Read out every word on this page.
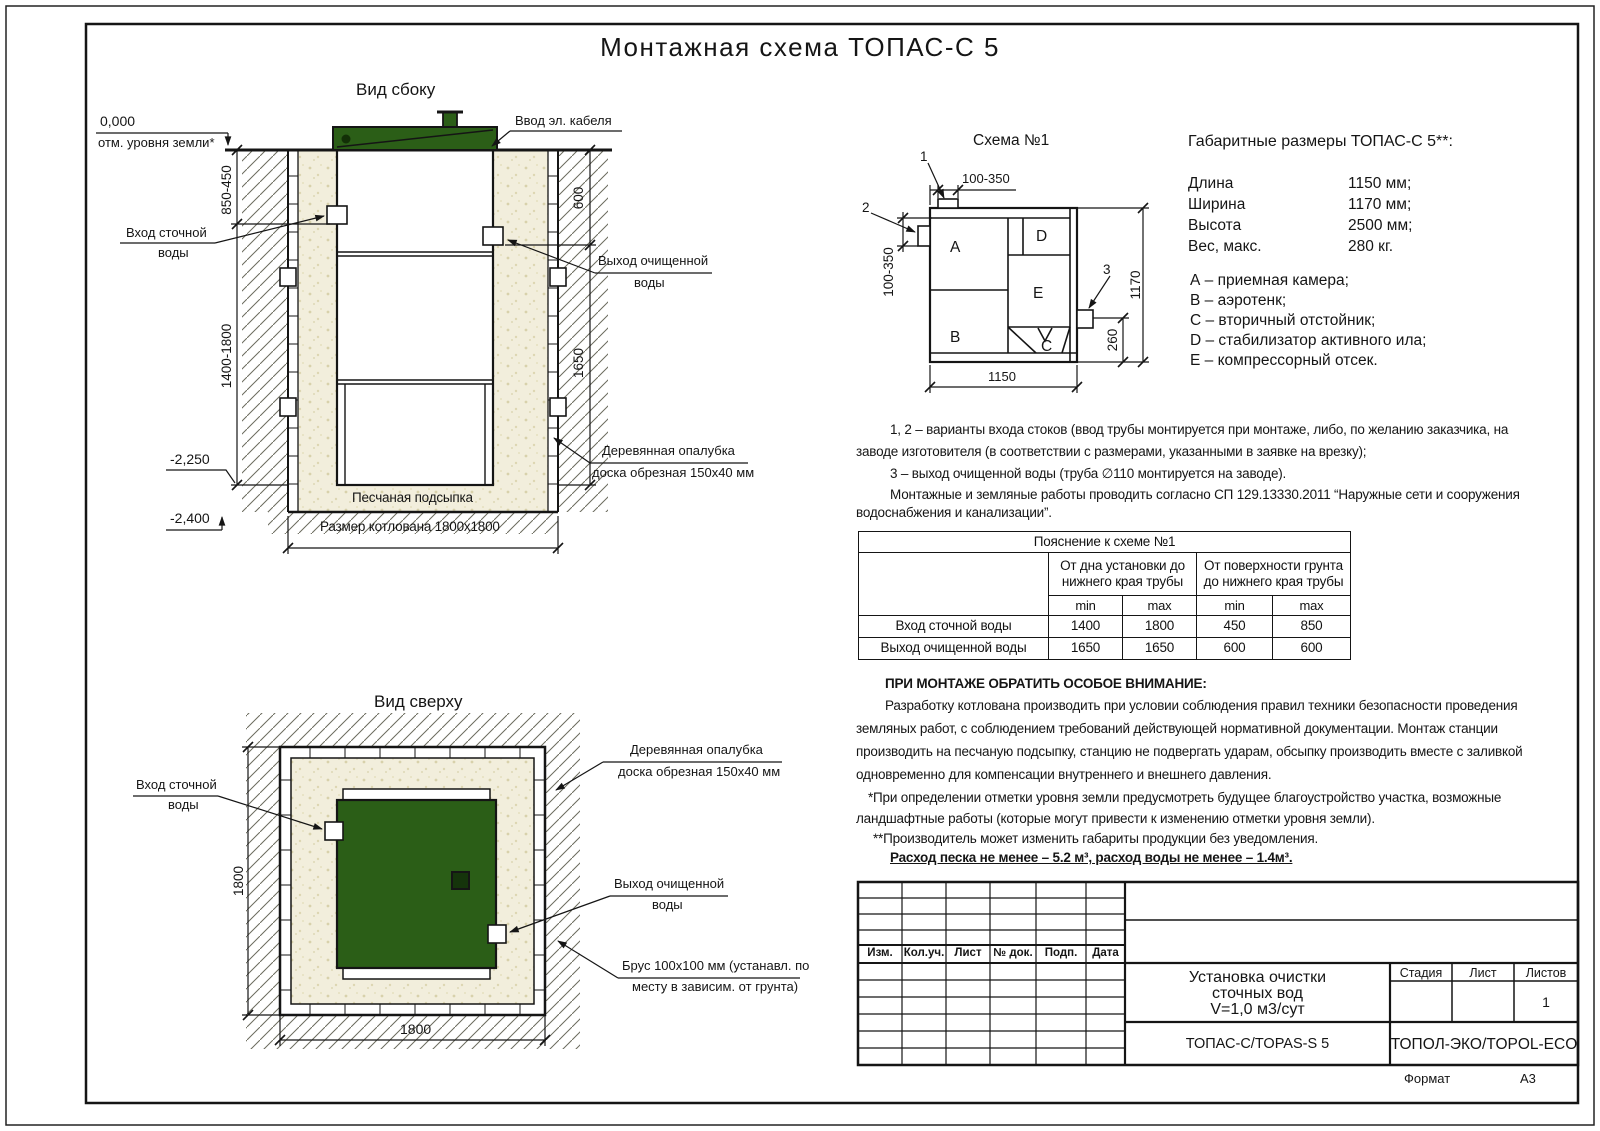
Монтажная схема ТОПАС-С 5
Вид сбоку
0,000
отм. уровня земли*
Ввод эл. кабеля
Вход сточной
воды
Выход очищенной
воды
Деревянная опалубка
доска обрезная 150х40 мм
Песчаная подсыпка
Размер котлована 1800х1800
850-450
1400-1800
600
1650
-2,250
-2,400
Вид сверху
Вход сточной
воды
Выход очищенной
воды
Деревянная опалубка
доска обрезная 150х40 мм
Брус 100х100 мм (устанавл. по
месту в зависим. от грунта)
1800
1800
Схема №1
1
2
3
100-350
100-350	1170
260
1150
A
B
D
E
C
Габаритные размеры ТОПАС-С 5**:
Длина	1150 мм;
Ширина	1170 мм;
Высота	2500 мм;
Вес, макс.	280 кг.
А – приемная камера;
В – аэротенк;
С – вторичный отстойник;
D – стабилизатор активного ила;
Е – компрессорный отсек.
1, 2 – варианты входа стоков (ввод трубы монтируется при монтаже, либо, по желанию заказчика, на
заводе изготовителя (в соответствии с размерами, указанными в заявке на врезку);
3 – выход очищенной воды (труба ∅110 монтируется на заводе).
Монтажные и земляные работы проводить согласно СП 129.13330.2011 “Наружные сети и сооружения
водоснабжения и канализации”.
Пояснение к схеме №1				

От дна установки до
нижнего края трубы

От поверхности грунта
до нижнего края трубы

	min	max	min	max
Вход сточной воды	1400	1800	450	850
Выход очищенной воды	1650	1650	600	600
ПРИ МОНТАЖЕ ОБРАТИТЬ ОСОБОЕ ВНИМАНИЕ:
Разработку котлована производить при условии соблюдения правил техники безопасности проведения
земляных работ, с соблюдением требований действующей нормативной документации. Монтаж станции
производить на песчаную подсыпку, станцию не подвергать ударам, обсыпку производить вместе с заливкой
одновременно для компенсации внутреннего и внешнего давления.
*При определении отметки уровня земли предусмотреть будущее благоустройство участка, возможные
ландшафтные работы (которые могут привести к изменению отметки уровня земли).
**Производитель может изменить габариты продукции без уведомления.
Расход песка не менее – 5.2 м³, расход воды не менее – 1.4м³.
Изм. Кол.уч. Лист	№ док.	Подп.	Дата
Установка очистки
сточных вод
V=1,0 м3/сут
ТОПАС-С/TOPAS-S 5
Стадия	Лист	Листов
1
ТОПОЛ-ЭКО/TOPOL-ECO
Формат	А3
